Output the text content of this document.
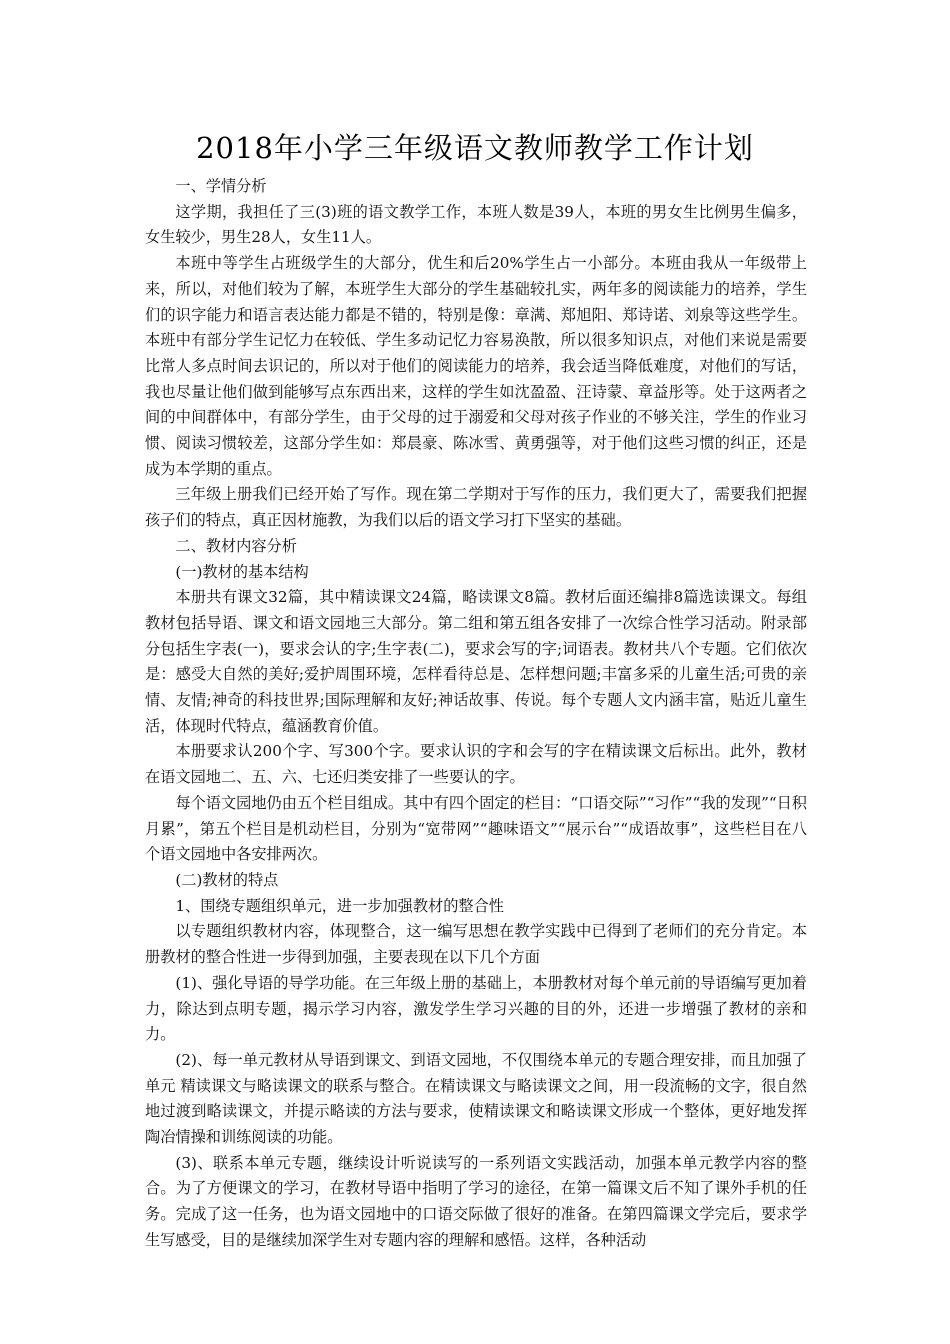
2018年小学三年级语文教师教学工作计划

一、学情分析

这学期，我担任了三(3)班的语文教学工作，本班人数是39人，本班的男女生比例男生偏多，女生较少，男生28人，女生11人。

本班中等学生占班级学生的大部分，优生和后20%学生占一小部分。本班由我从一年级带上来，所以，对他们较为了解，本班学生大部分的学生基础较扎实，两年多的阅读能力的培养，学生们的识字能力和语言表达能力都是不错的，特别是像：章满、郑旭阳、郑诗诺、刘泉等这些学生。本班中有部分学生记忆力在较低、学生多动记忆力容易涣散，所以很多知识点，对他们来说是需要比常人多点时间去识记的，所以对于他们的阅读能力的培养，我会适当降低难度，对他们的写话，我也尽量让他们做到能够写点东西出来，这样的学生如沈盈盈、汪诗蒙、章益彤等。处于这两者之间的中间群体中，有部分学生，由于父母的过于溺爱和父母对孩子作业的不够关注，学生的作业习惯、阅读习惯较差，这部分学生如：郑晨豪、陈冰雪、黄勇强等，对于他们这些习惯的纠正，还是成为本学期的重点。

三年级上册我们已经开始了写作。现在第二学期对于写作的压力，我们更大了，需要我们把握孩子们的特点，真正因材施教，为我们以后的语文学习打下坚实的基础。

二、教材内容分析

(一)教材的基本结构

本册共有课文32篇，其中精读课文24篇，略读课文8篇。教材后面还编排8篇选读课文。每组教材包括导语、课文和语文园地三大部分。第二组和第五组各安排了一次综合性学习活动。附录部分包括生字表(一)，要求会认的字;生字表(二)，要求会写的字;词语表。教材共八个专题。它们依次是：感受大自然的美好;爱护周围环境，怎样看待总是、怎样想问题;丰富多采的儿童生活;可贵的亲情、友情;神奇的科技世界;国际理解和友好;神话故事、传说。每个专题人文内涵丰富，贴近儿童生活，体现时代特点，蕴涵教育价值。

本册要求认200个字、写300个字。要求认识的字和会写的字在精读课文后标出。此外，教材在语文园地二、五、六、七还归类安排了一些要认的字。

每个语文园地仍由五个栏目组成。其中有四个固定的栏目：“口语交际”“习作”“我的发现”“日积月累”，第五个栏目是机动栏目，分别为“宽带网”“趣味语文”“展示台”“成语故事”，这些栏目在八个语文园地中各安排两次。

(二)教材的特点

1、围绕专题组织单元，进一步加强教材的整合性

以专题组织教材内容，体现整合，这一编写思想在教学实践中已得到了老师们的充分肯定。本册教材的整合性进一步得到加强，主要表现在以下几个方面

(1)、强化导语的导学功能。在三年级上册的基础上，本册教材对每个单元前的导语编写更加着力，除达到点明专题，揭示学习内容，激发学生学习兴趣的目的外，还进一步增强了教材的亲和力。

(2)、每一单元教材从导语到课文、到语文园地，不仅围绕本单元的专题合理安排，而且加强了单元 精读课文与略读课文的联系与整合。在精读课文与略读课文之间，用一段流畅的文字，很自然地过渡到略读课文，并提示略读的方法与要求，使精读课文和略读课文形成一个整体，更好地发挥陶冶情操和训练阅读的功能。

(3)、联系本单元专题，继续设计听说读写的一系列语文实践活动，加强本单元教学内容的整合。为了方便课文的学习，在教材导语中指明了学习的途径，在第一篇课文后不知了课外手机的任务。完成了这一任务，也为语文园地中的口语交际做了很好的准备。在第四篇课文学完后，要求学生写感受，目的是继续加深学生对专题内容的理解和感悟。这样，各种活动
